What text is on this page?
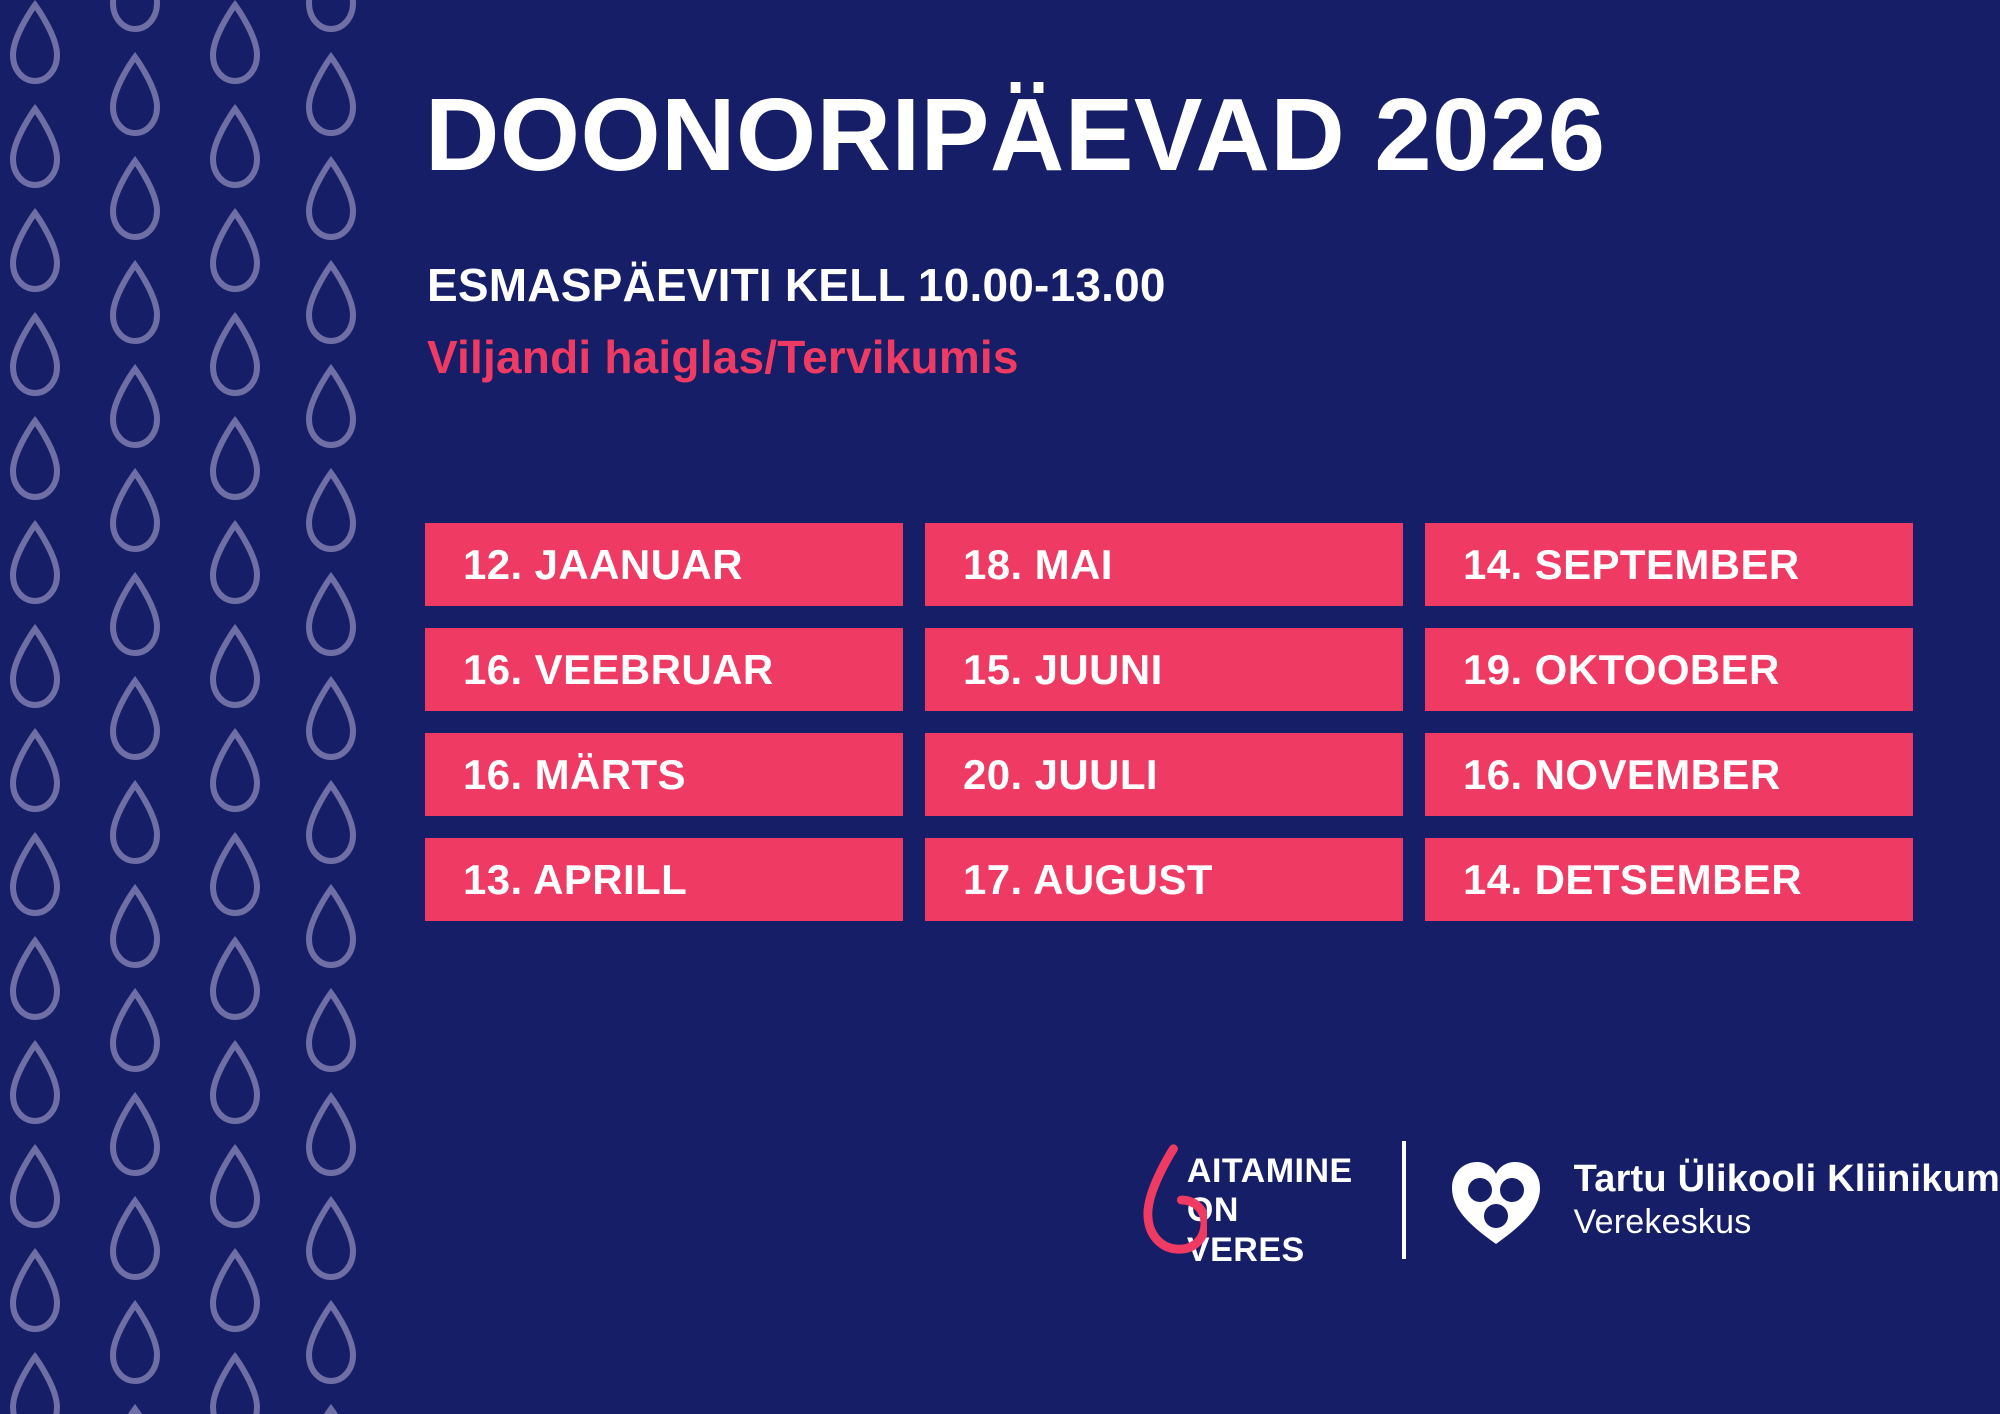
DOONORIPÄEVAD 2026
ESMASPÄEVITI KELL 10.00-13.00
Viljandi haiglas/Tervikumis
12. JAANUAR	18. MAI	14. SEPTEMBER
16. VEEBRUAR	15. JUUNI	19. OKTOOBER
16. MÄRTS	20. JUULI	16. NOVEMBER
13. APRILL	17. AUGUST	14. DETSEMBER
AITAMINE
ON VERES
Tartu Ülikooli Kliinikum
Verekeskus
